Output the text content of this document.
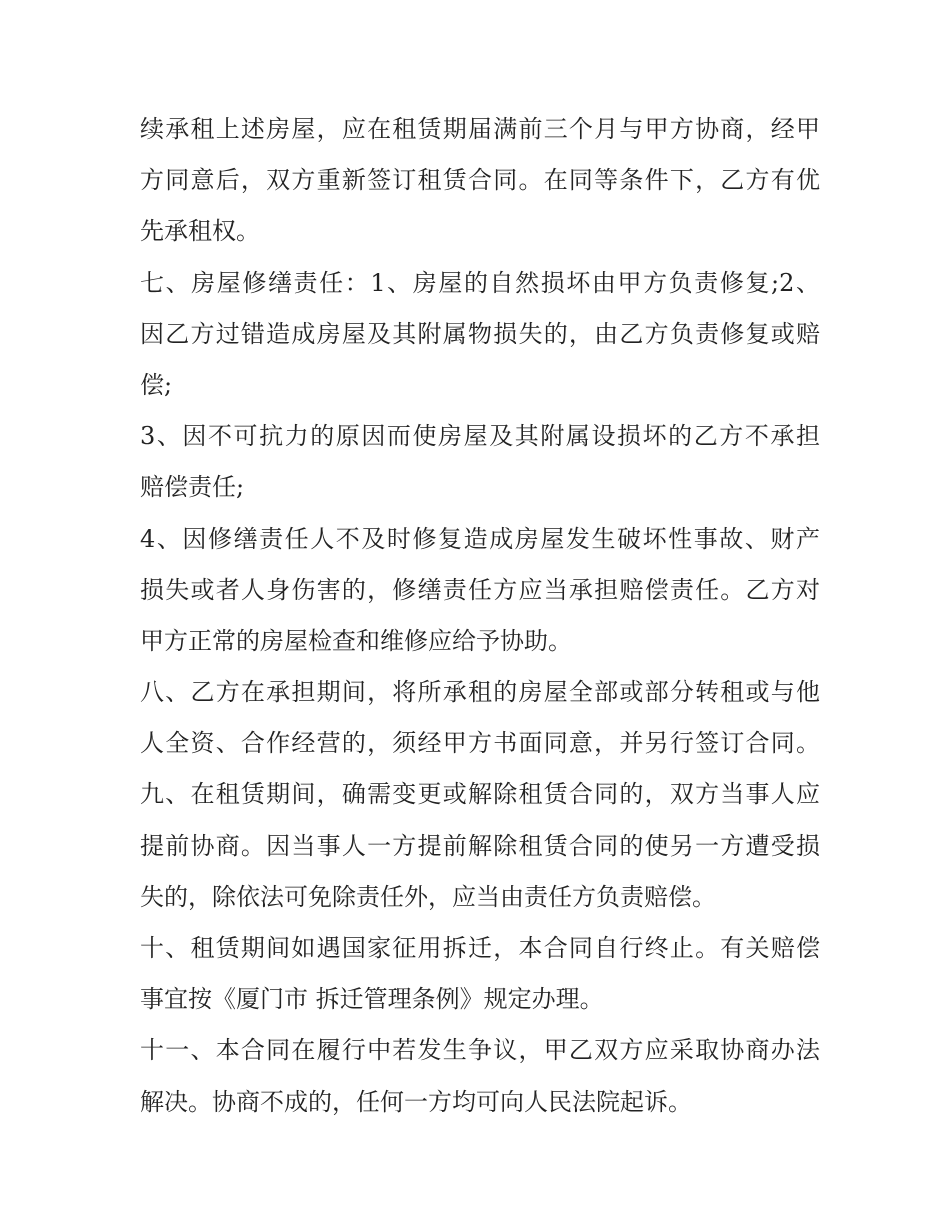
续承租上述房屋，应在租赁期届满前三个月与甲方协商，经甲
方同意后，双方重新签订租赁合同。在同等条件下，乙方有优
先承租权。
七、房屋修缮责任：1、房屋的自然损坏由甲方负责修复;2、
因乙方过错造成房屋及其附属物损失的，由乙方负责修复或赔
偿;
3、因不可抗力的原因而使房屋及其附属设损坏的乙方不承担
赔偿责任;
4、因修缮责任人不及时修复造成房屋发生破坏性事故、财产
损失或者人身伤害的，修缮责任方应当承担赔偿责任。乙方对
甲方正常的房屋检查和维修应给予协助。
八、乙方在承担期间，将所承租的房屋全部或部分转租或与他
人全资、合作经营的，须经甲方书面同意，并另行签订合同。
九、在租赁期间，确需变更或解除租赁合同的，双方当事人应
提前协商。因当事人一方提前解除租赁合同的使另一方遭受损
失的，除依法可免除责任外，应当由责任方负责赔偿。
十、租赁期间如遇国家征用拆迁，本合同自行终止。有关赔偿
事宜按《厦门市 拆迁管理条例》规定办理。
十一、本合同在履行中若发生争议，甲乙双方应采取协商办法
解决。协商不成的，任何一方均可向人民法院起诉。
